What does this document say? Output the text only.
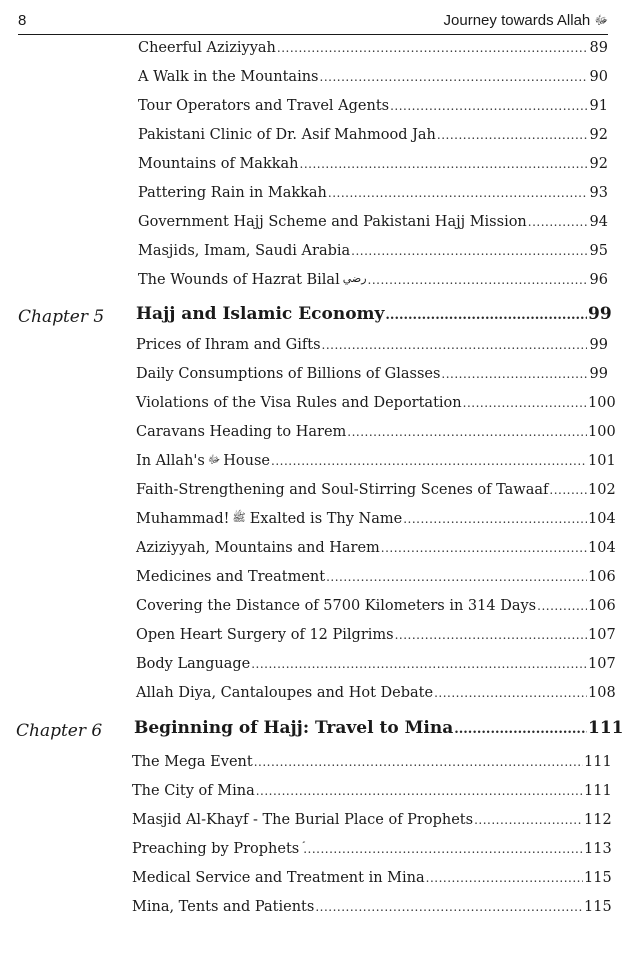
8	Journey towards Allah ﷻ
Cheerful Aziziyyah .....	89
A Walk in the Mountains .....	90
Tour Operators and Travel Agents .....	91
Pakistani Clinic of Dr. Asif Mahmood Jah .....	92
Mountains of Makkah .....	92
Pattering Rain in Makkah .....	93
Government Hajj Scheme and Pakistani Hajj Mission .....	94
Masjids, Imam, Saudi Arabia .....	95
The Wounds of Hazrat Bilal رضي .....	96
Chapter 5 Hajj and Islamic Economy .....	99
Prices of Ihram and Gifts .....	99
Daily Consumptions of Billions of Glasses .....	99
Violations of the Visa Rules and Deportation .....	100
Caravans Heading to Harem .....	100
In Allah's ﷻ House .....	101
Faith-Strengthening and Soul-Stirring Scenes of Tawaaf .....	102
Muhammad! ﷺ Exalted is Thy Name .....	104
Aziziyyah, Mountains and Harem .....	104
Medicines and Treatment .....	106
Covering the Distance of 5700 Kilometers in 314 Days .....	106
Open Heart Surgery of 12 Pilgrims .....	107
Body Language .....	107
Allah Diya, Cantaloupes and Hot Debate .....	108
Chapter 6 Beginning of Hajj: Travel to Mina .....	111
The Mega Event .....	111
The City of Mina .....	111
Masjid Al-Khayf - The Burial Place of Prophets .....	112
Preaching by Prophets .....	113
Medical Service and Treatment in Mina .....	115
Mina, Tents and Patients .....	115
